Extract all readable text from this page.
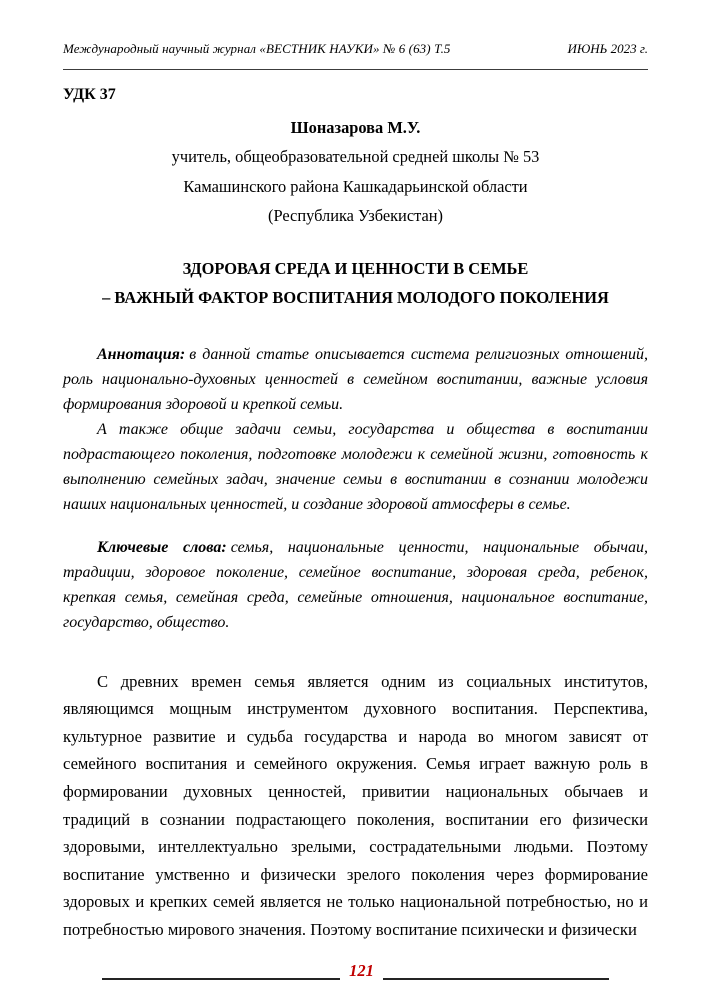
Международный научный журнал «ВЕСТНИК НАУКИ» № 6 (63) Т.5	ИЮНЬ 2023 г.
УДК 37
Шоназарова М.У.
учитель, общеобразовательной средней школы № 53
Камашинского района Кашкадарьинской области
(Республика Узбекистан)
ЗДОРОВАЯ СРЕДА И ЦЕННОСТИ В СЕМЬЕ
– ВАЖНЫЙ ФАКТОР ВОСПИТАНИЯ МОЛОДОГО ПОКОЛЕНИЯ

Аннотация: в данной статье описывается система религиозных отношений, роль национально-духовных ценностей в семейном воспитании, важные условия формирования здоровой и крепкой семьи.

А также общие задачи семьи, государства и общества в воспитании подрастающего поколения, подготовке молодежи к семейной жизни, готовность к выполнению семейных задач, значение семьи в воспитании в сознании молодежи наших национальных ценностей, и создание здоровой атмосферы в семье.

Ключевые слова: семья, национальные ценности, национальные обычаи, традиции, здоровое поколение, семейное воспитание, здоровая среда, ребенок, крепкая семья, семейная среда, семейные отношения, национальное воспитание, государство, общество.

С древних времен семья является одним из социальных институтов, являющимся мощным инструментом духовного воспитания. Перспектива, культурное развитие и судьба государства и народа во многом зависят от семейного воспитания и семейного окружения. Семья играет важную роль в формировании духовных ценностей, привитии национальных обычаев и традиций в сознании подрастающего поколения, воспитании его физически здоровыми, интеллектуально зрелыми, сострадательными людьми. Поэтому воспитание умственно и физически зрелого поколения через формирование здоровых и крепких семей является не только национальной потребностью, но и потребностью мирового значения. Поэтому воспитание психически и физически

121
